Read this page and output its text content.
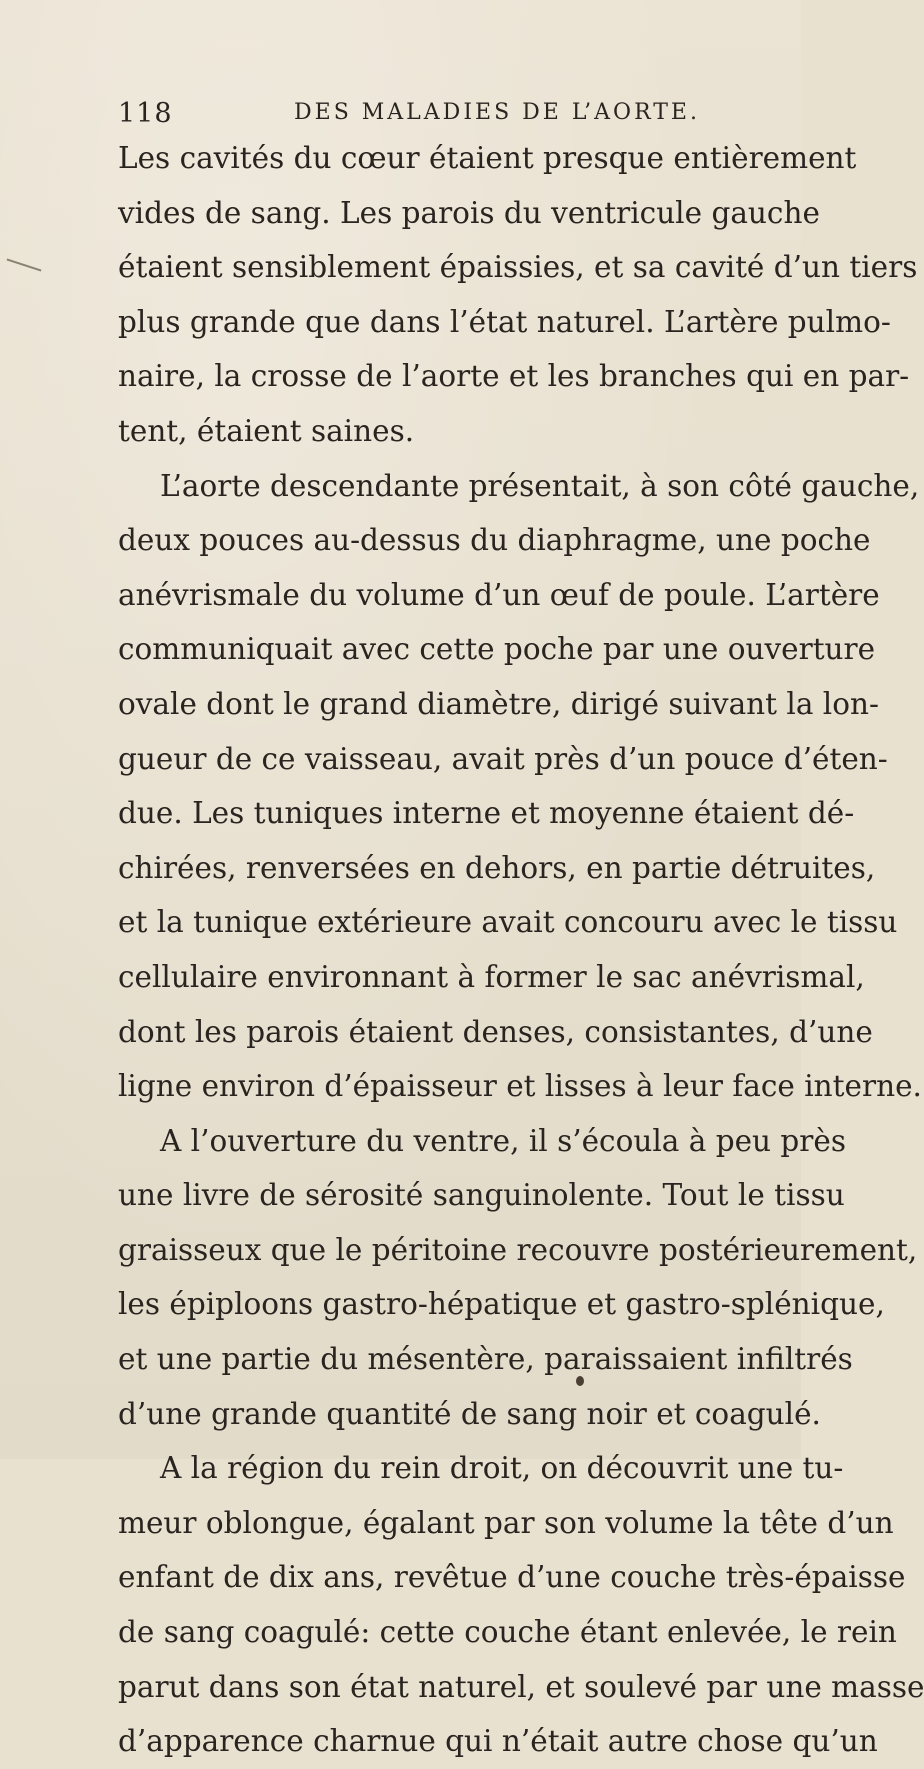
118	DES MALADIES DE L’AORTE.
Les cavités du cœur étaient presque entièrement
vides de sang. Les parois du ventricule gauche
étaient sensiblement épaissies, et sa cavité d’un tiers
plus grande que dans l’état naturel. L’artère pulmo-
naire, la crosse de l’aorte et les branches qui en par-
tent, étaient saines.
L’aorte descendante présentait, à son côté gauche,
deux pouces au-dessus du diaphragme, une poche
anévrismale du volume d’un œuf de poule. L’artère
communiquait avec cette poche par une ouverture
ovale dont le grand diamètre, dirigé suivant la lon-
gueur de ce vaisseau, avait près d’un pouce d’éten-
due. Les tuniques interne et moyenne étaient dé-
chirées, renversées en dehors, en partie détruites,
et la tunique extérieure avait concouru avec le tissu
cellulaire environnant à former le sac anévrismal,
dont les parois étaient denses, consistantes, d’une
ligne environ d’épaisseur et lisses à leur face interne.
A l’ouverture du ventre, il s’écoula à peu près
une livre de sérosité sanguinolente. Tout le tissu
graisseux que le péritoine recouvre postérieurement,
les épiploons gastro-hépatique et gastro-splénique,
et une partie du mésentère, paraissaient infiltrés
d’une grande quantité de sang noir et coagulé.
A la région du rein droit, on découvrit une tu-
meur oblongue, égalant par son volume la tête d’un
enfant de dix ans, revêtue d’une couche très-épaisse
de sang coagulé: cette couche étant enlevée, le rein
parut dans son état naturel, et soulevé par une masse
d’apparence charnue qui n’était autre chose qu’un
